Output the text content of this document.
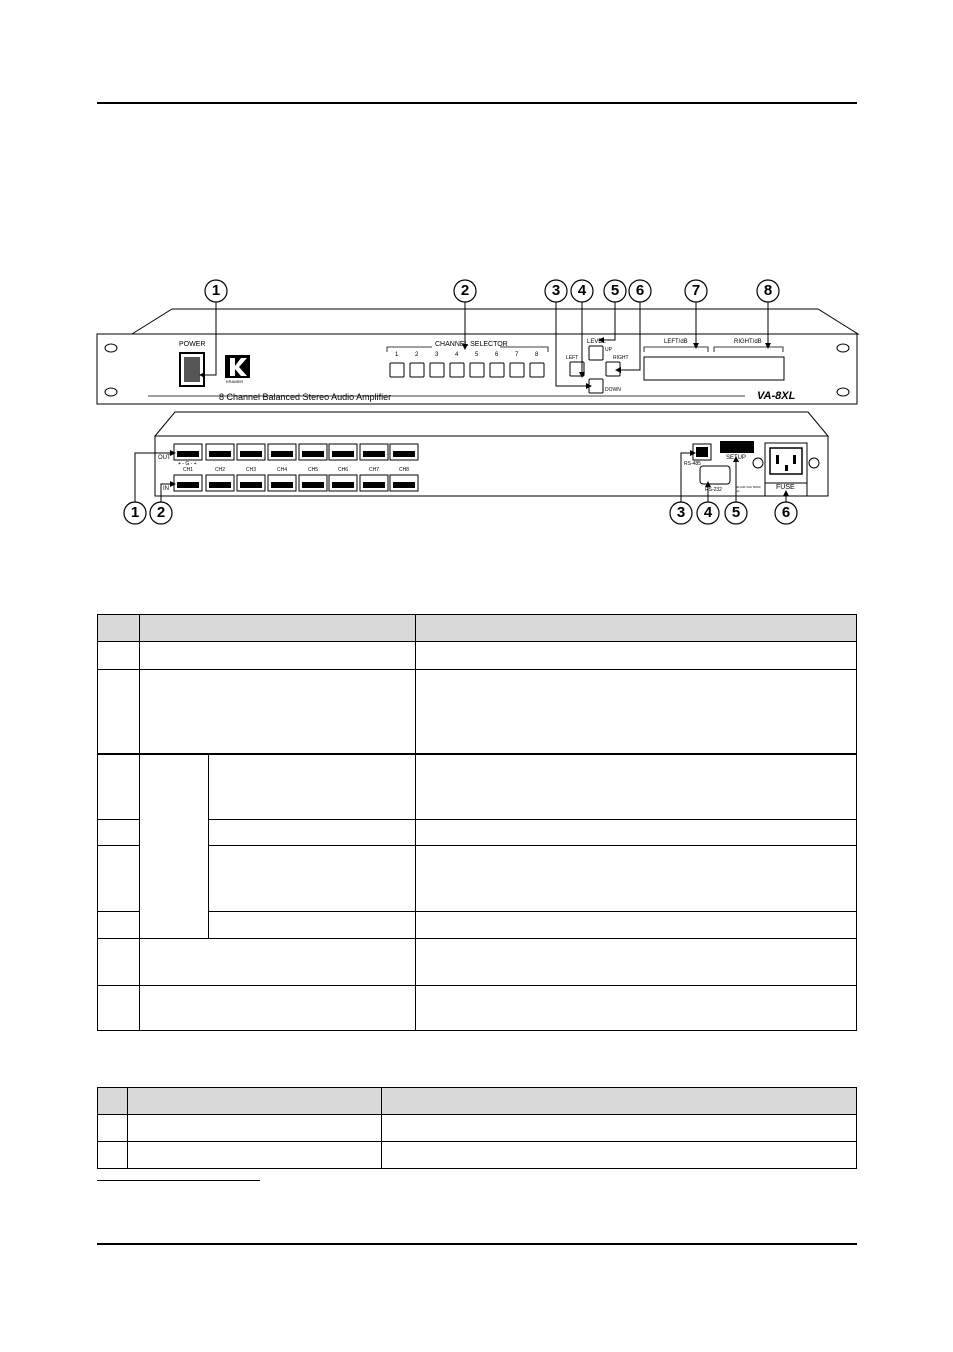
POWER
KRAMER
CHANNEL SELECTOR
1	2	3	4	5	6	7	8
LEVEL
UP
LEFT	RIGHT
DOWN
LEFT/dB	RIGHT/dB
8 Channel Balanced Stereo Audio Amplifier	VA-8XL
OUT
IN
+ - G - +
CH1	CH2	CH3	CH4	CH5	CH6	CH7	CH8
RS-485
SETUP
RS-232	90-240 VAC 50/60 Hz	FUSE
1	2	3	4	5	6	7	8
1	2	3	4	5	6
